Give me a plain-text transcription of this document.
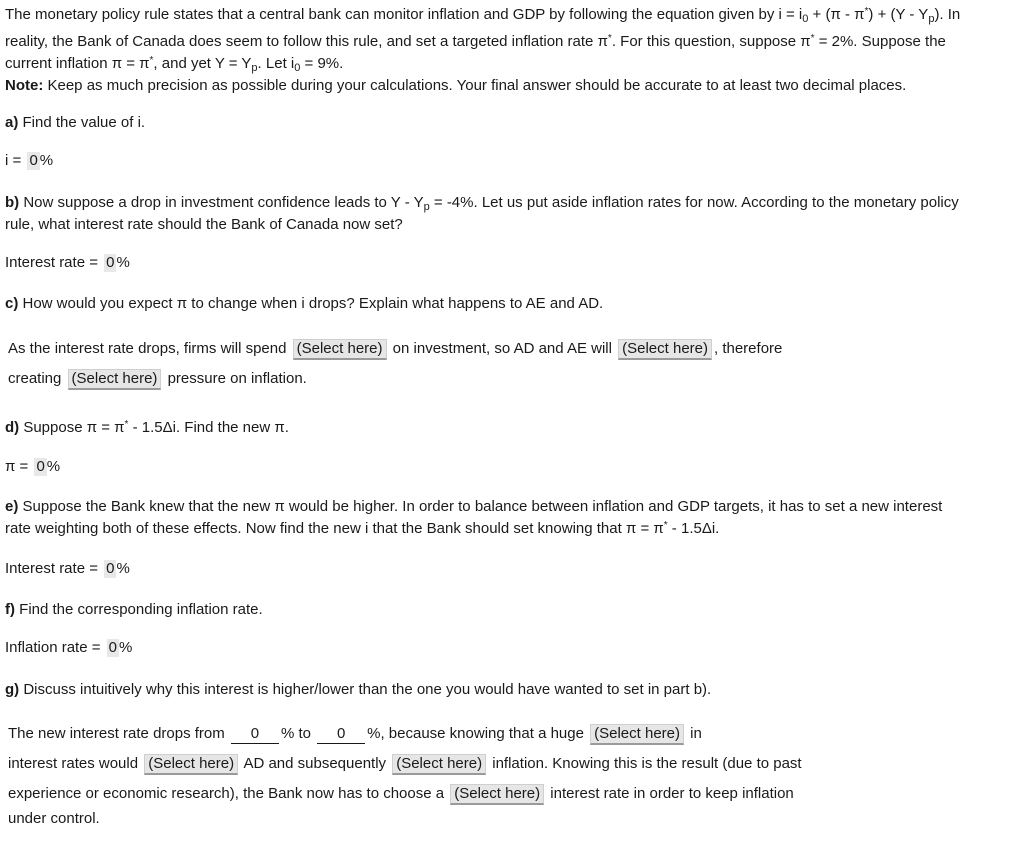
The monetary policy rule states that a central bank can monitor inflation and GDP by following the equation given by $i = i_0 + (\pi - \pi^*) + (Y - Y_p)$. In
reality, the Bank of Canada does seem to follow this rule, and set a targeted inflation rate π*. For this question, suppose π* = 2%. Suppose the
current inflation π = π*, and yet $Y = Y_p$. Let $i_0 = 9\%$.
Note: Keep as much precision as possible during your calculations. Your final answer should be accurate to at least two decimal places.
a) Find the value of i.
i = 0 %
b) Now suppose a drop in investment confidence leads to $Y - Y_p = -4\%$. Let us put aside inflation rates for now. According to the monetary policy
rule, what interest rate should the Bank of Canada now set?
Interest rate = 0 %
c) How would you expect π to change when i drops? Explain what happens to AE and AD.
As the interest rate drops, firms will spend (Select here) on investment, so AD and AE will (Select here) , therefore
creating (Select here) pressure on inflation.
d) Suppose π = π* - 1.5Δi. Find the new π.
π = 0 %
e) Suppose the Bank knew that the new π would be higher. In order to balance between inflation and GDP targets, it has to set a new interest
rate weighting both of these effects. Now find the new i that the Bank should set knowing that π = π* - 1.5Δi.
Interest rate = 0 %
f) Find the corresponding inflation rate.
Inflation rate = 0 %
g) Discuss intuitively why this interest is higher/lower than the one you would have wanted to set in part b).
The new interest rate drops from 0 % to 0 %, because knowing that a huge (Select here) in
interest rates would (Select here) AD and subsequently (Select here) inflation. Knowing this is the result (due to past
experience or economic research), the Bank now has to choose a (Select here) interest rate in order to keep inflation
under control.
